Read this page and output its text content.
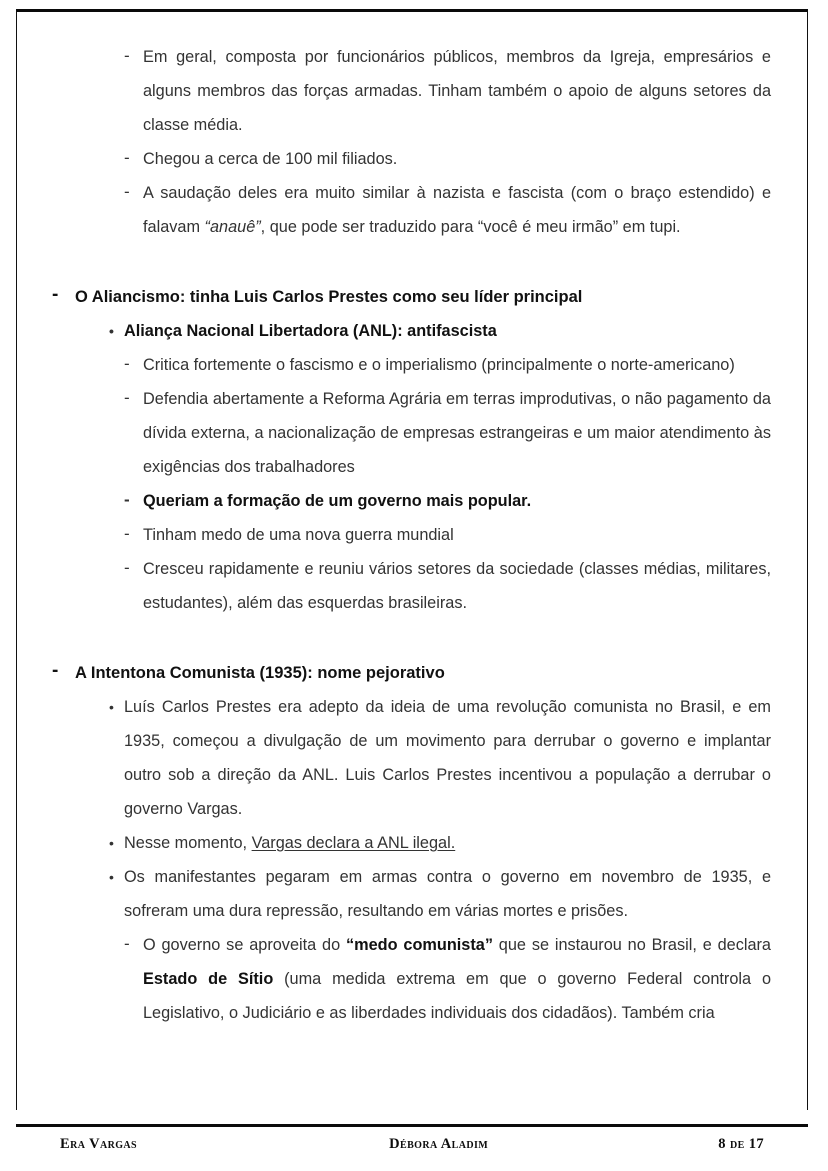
- Em geral, composta por funcionários públicos, membros da Igreja, empresários e alguns membros das forças armadas. Tinham também o apoio de alguns setores da classe média.
- Chegou a cerca de 100 mil filiados.
- A saudação deles era muito similar à nazista e fascista (com o braço estendido) e falavam “anauê”, que pode ser traduzido para “você é meu irmão” em tupi.
- O Aliancismo: tinha Luis Carlos Prestes como seu líder principal
• Aliança Nacional Libertadora (ANL): antifascista
- Critica fortemente o fascismo e o imperialismo (principalmente o norte-americano)
- Defendia abertamente a Reforma Agrária em terras improdutivas, o não pagamento da dívida externa, a nacionalização de empresas estrangeiras e um maior atendimento às exigências dos trabalhadores
- Queriam a formação de um governo mais popular.
- Tinham medo de uma nova guerra mundial
- Cresceu rapidamente e reuniu vários setores da sociedade (classes médias, militares, estudantes), além das esquerdas brasileiras.
- A Intentona Comunista (1935): nome pejorativo
• Luís Carlos Prestes era adepto da ideia de uma revolução comunista no Brasil, e em 1935, começou a divulgação de um movimento para derrubar o governo e implantar outro sob a direção da ANL. Luis Carlos Prestes incentivou a população a derrubar o governo Vargas.
• Nesse momento, Vargas declara a ANL ilegal.
• Os manifestantes pegaram em armas contra o governo em novembro de 1935, e sofreram uma dura repressão, resultando em várias mortes e prisões.
- O governo se aproveita do “medo comunista” que se instaurou no Brasil, e declara Estado de Sítio (uma medida extrema em que o governo Federal controla o Legislativo, o Judiciário e as liberdades individuais dos cidadãos). Também cria
Era Vargas	Débora Aladim	8 de 17
